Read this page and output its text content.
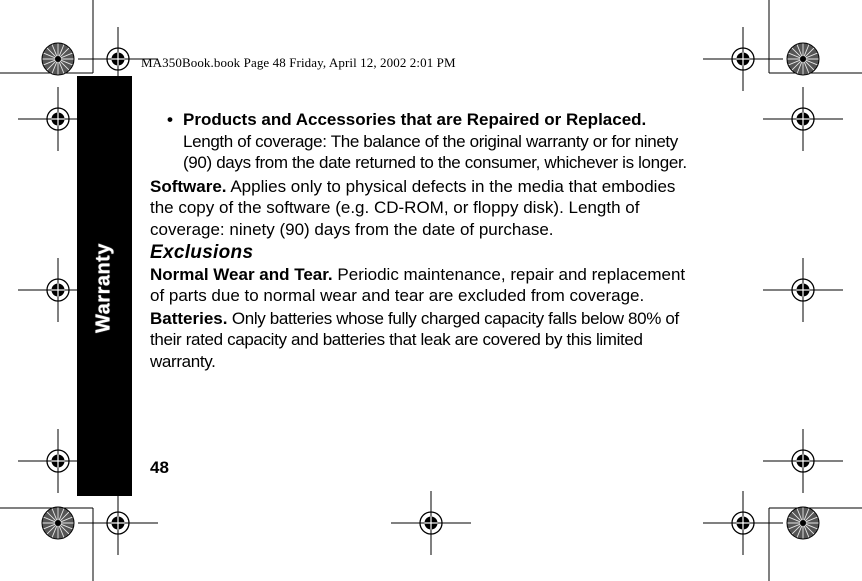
MA350Book.book Page 48 Friday, April 12, 2002 2:01 PM
Warranty

• Products and Accessories that are Repaired or Replaced.
Length of coverage: The balance of the original warranty or for ninety (90) days from the date returned to the consumer, whichever is longer.

Software. Applies only to physical defects in the media that embodies the copy of the software (e.g. CD-ROM, or floppy disk). Length of coverage: ninety (90) days from the date of purchase.

Exclusions

Normal Wear and Tear. Periodic maintenance, repair and replacement of parts due to normal wear and tear are excluded from coverage.

Batteries. Only batteries whose fully charged capacity falls below 80% of their rated capacity and batteries that leak are covered by this limited warranty.

48
